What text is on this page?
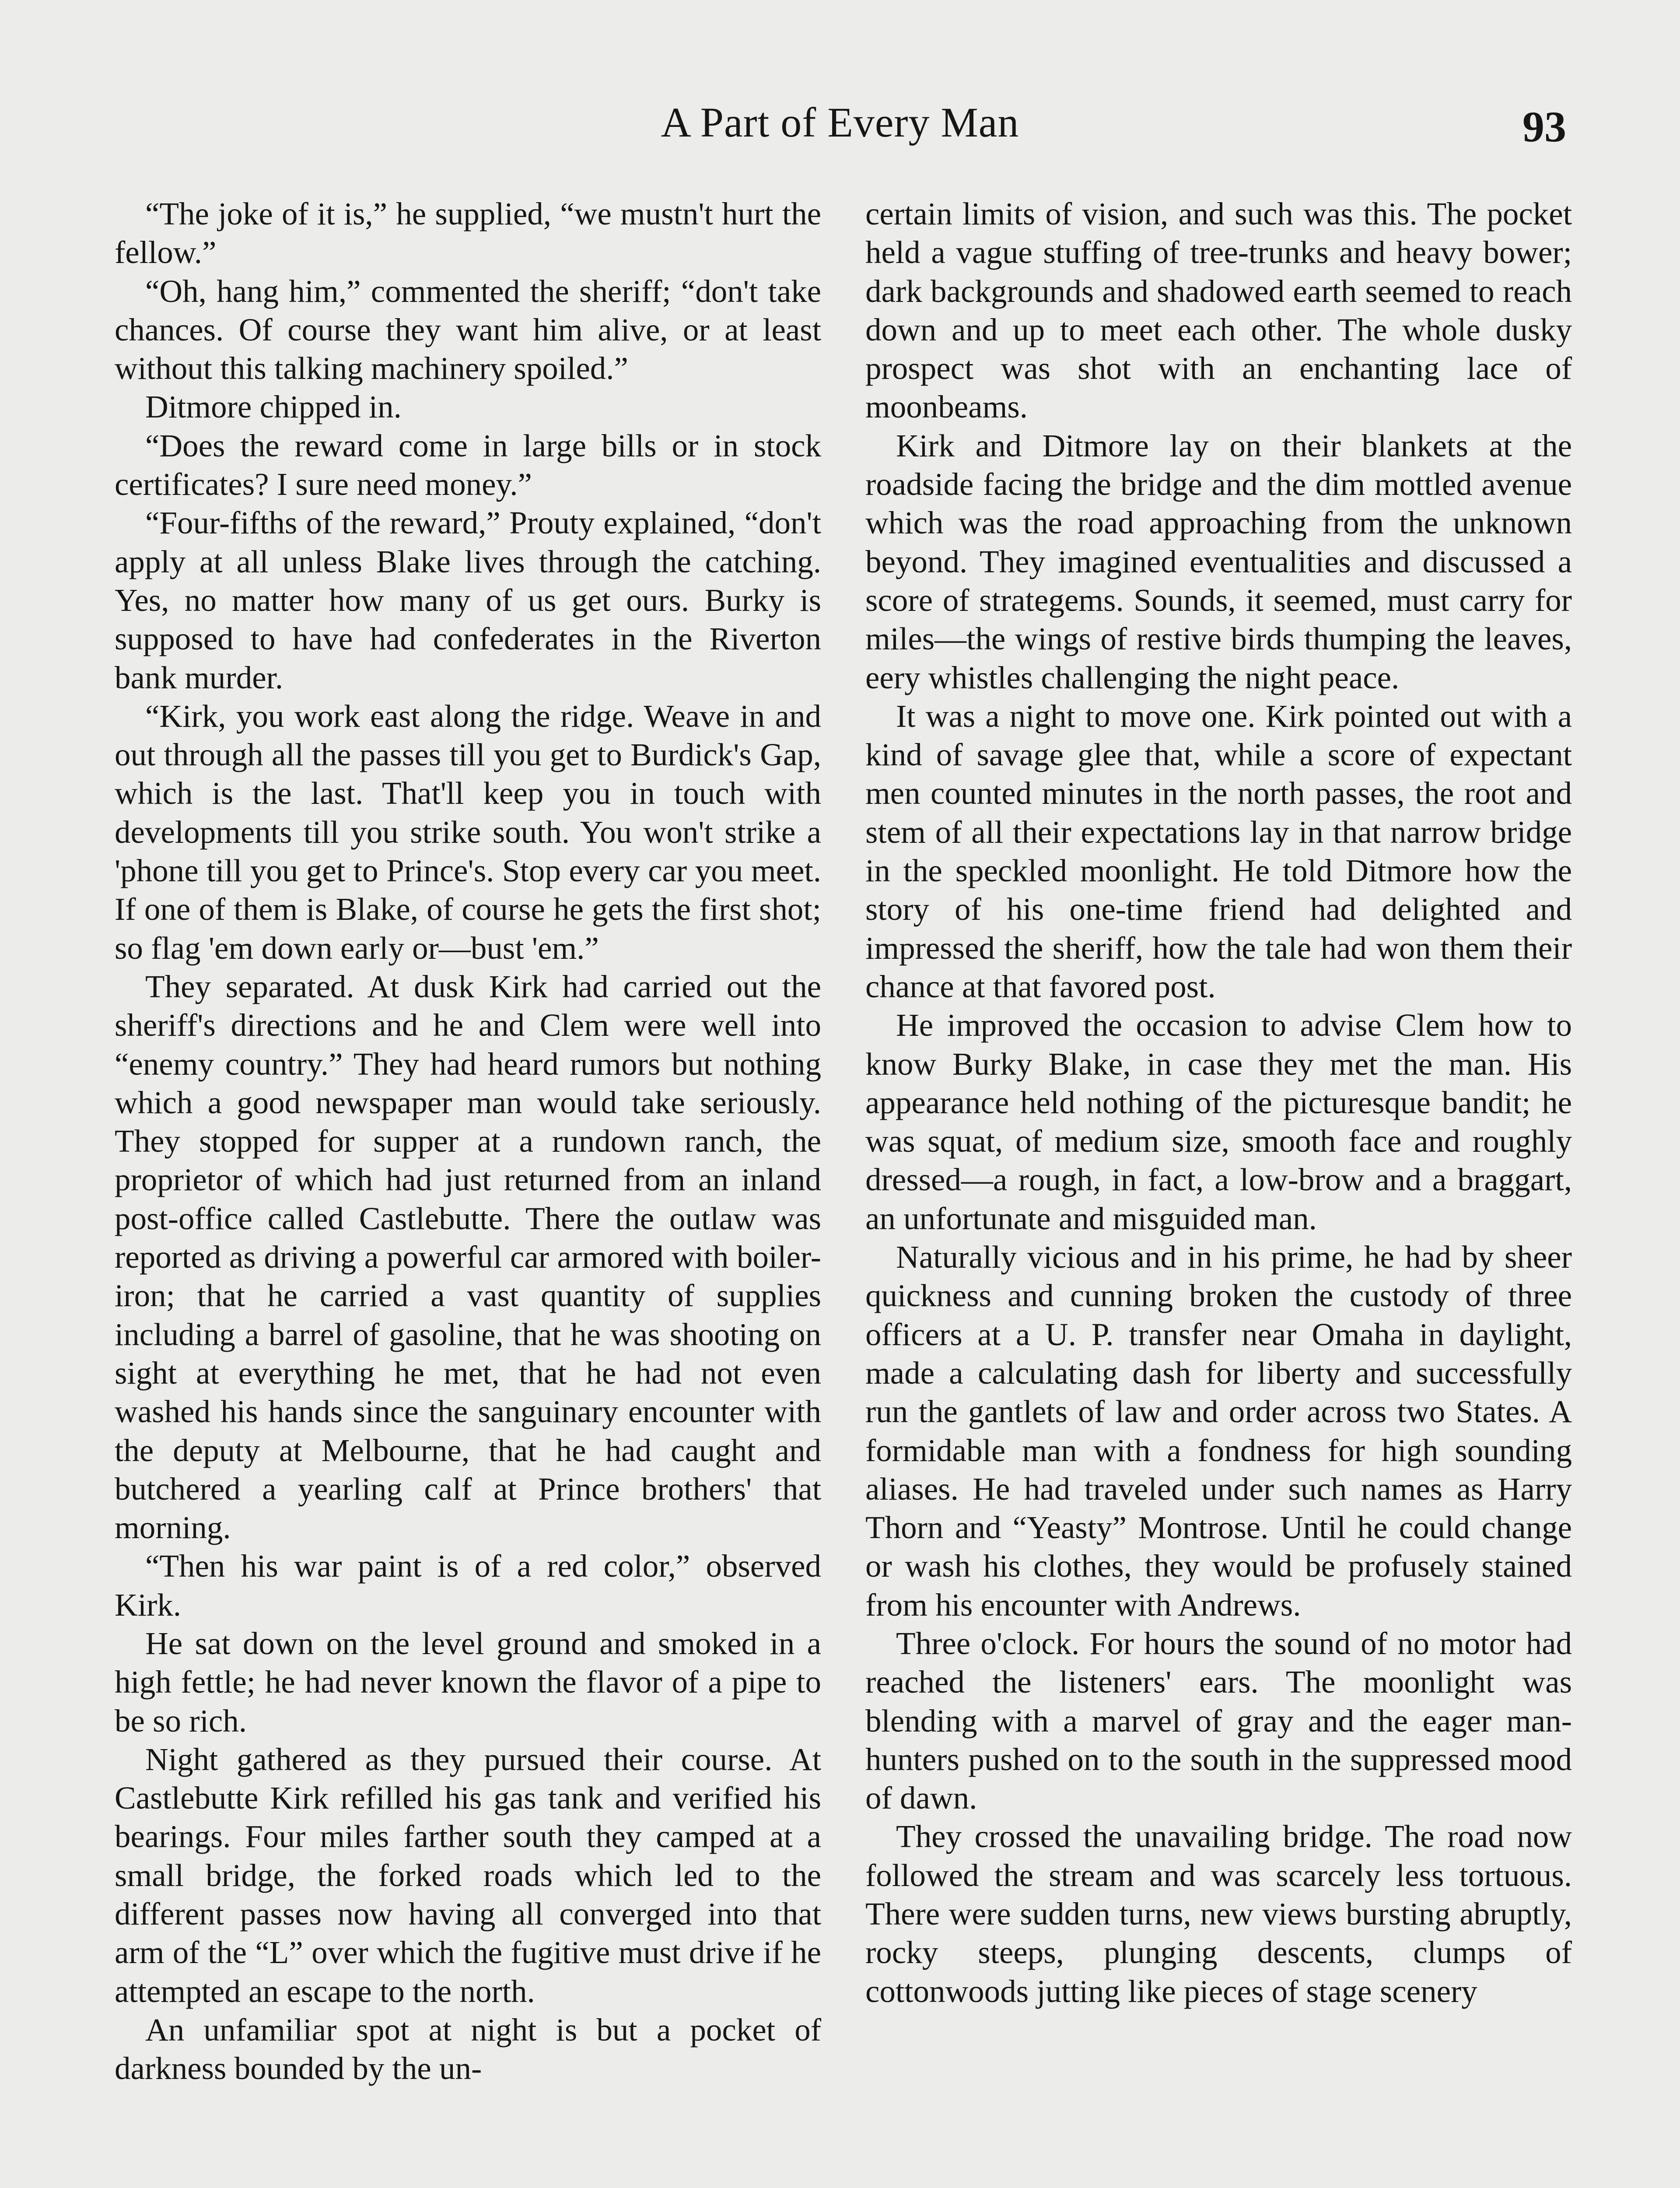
A Part of Every Man	93

“The joke of it is,” he supplied, “we mustn't hurt the fellow.”

“Oh, hang him,” commented the sheriff; “don't take chances. Of course they want him alive, or at least without this talking machinery spoiled.”

Ditmore chipped in.

“Does the reward come in large bills or in stock certificates? I sure need money.”

“Four-fifths of the reward,” Prouty explained, “don't apply at all unless Blake lives through the catching. Yes, no matter how many of us get ours. Burky is supposed to have had confederates in the Riverton bank murder.

“Kirk, you work east along the ridge. Weave in and out through all the passes till you get to Burdick's Gap, which is the last. That'll keep you in touch with developments till you strike south. You won't strike a 'phone till you get to Prince's. Stop every car you meet. If one of them is Blake, of course he gets the first shot; so flag 'em down early or—bust 'em.”

They separated. At dusk Kirk had carried out the sheriff's directions and he and Clem were well into “enemy country.” They had heard rumors but nothing which a good newspaper man would take seriously. They stopped for supper at a rundown ranch, the proprietor of which had just returned from an inland post-office called Castlebutte. There the outlaw was reported as driving a powerful car armored with boiler-iron; that he carried a vast quantity of supplies including a barrel of gasoline, that he was shooting on sight at everything he met, that he had not even washed his hands since the sanguinary encounter with the deputy at Melbourne, that he had caught and butchered a yearling calf at Prince brothers' that morning.

“Then his war paint is of a red color,” observed Kirk.

He sat down on the level ground and smoked in a high fettle; he had never known the flavor of a pipe to be so rich.

Night gathered as they pursued their course. At Castlebutte Kirk refilled his gas tank and verified his bearings. Four miles farther south they camped at a small bridge, the forked roads which led to the different passes now having all converged into that arm of the “L” over which the fugitive must drive if he attempted an escape to the north.

An unfamiliar spot at night is but a pocket of darkness bounded by the un-

certain limits of vision, and such was this. The pocket held a vague stuffing of tree-trunks and heavy bower; dark backgrounds and shadowed earth seemed to reach down and up to meet each other. The whole dusky prospect was shot with an enchanting lace of moonbeams.

Kirk and Ditmore lay on their blankets at the roadside facing the bridge and the dim mottled avenue which was the road approaching from the unknown beyond. They imagined eventualities and discussed a score of strategems. Sounds, it seemed, must carry for miles—the wings of restive birds thumping the leaves, eery whistles challenging the night peace.

It was a night to move one. Kirk pointed out with a kind of savage glee that, while a score of expectant men counted minutes in the north passes, the root and stem of all their expectations lay in that narrow bridge in the speckled moonlight. He told Ditmore how the story of his one-time friend had delighted and impressed the sheriff, how the tale had won them their chance at that favored post.

He improved the occasion to advise Clem how to know Burky Blake, in case they met the man. His appearance held nothing of the picturesque bandit; he was squat, of medium size, smooth face and roughly dressed—a rough, in fact, a low-brow and a braggart, an unfortunate and misguided man.

Naturally vicious and in his prime, he had by sheer quickness and cunning broken the custody of three officers at a U. P. transfer near Omaha in daylight, made a calculating dash for liberty and successfully run the gantlets of law and order across two States. A formidable man with a fondness for high sounding aliases. He had traveled under such names as Harry Thorn and “Yeasty” Montrose. Until he could change or wash his clothes, they would be profusely stained from his encounter with Andrews.

Three o'clock. For hours the sound of no motor had reached the listeners' ears. The moonlight was blending with a marvel of gray and the eager man-hunters pushed on to the south in the suppressed mood of dawn.

They crossed the unavailing bridge. The road now followed the stream and was scarcely less tortuous. There were sudden turns, new views bursting abruptly, rocky steeps, plunging descents, clumps of cottonwoods jutting like pieces of stage scenery
